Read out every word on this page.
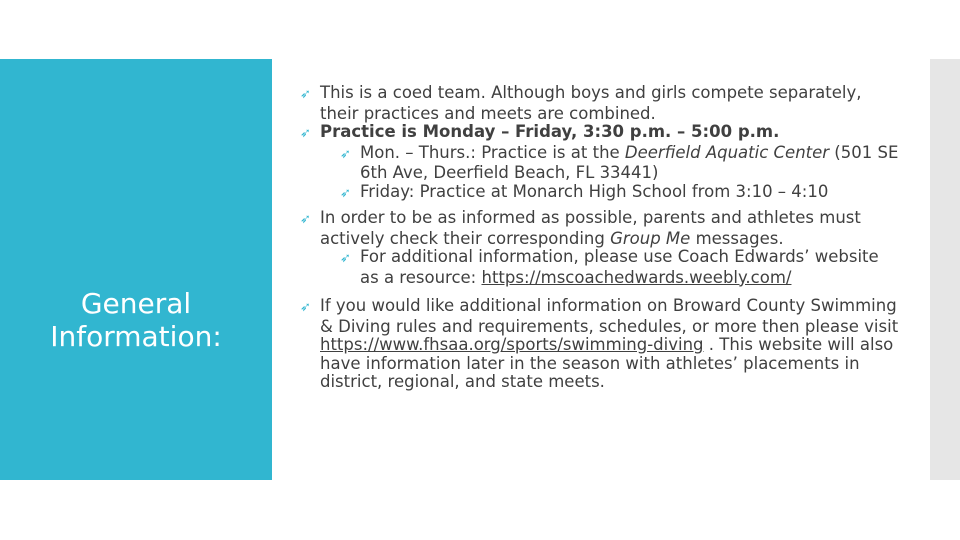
General Information:
➶ This is a coed team. Although boys and girls compete separately, their practices and meets are combined.
➶ Practice is Monday – Friday, 3:30 p.m. – 5:00 p.m.
➶ Mon. – Thurs.: Practice is at the Deerfield Aquatic Center (501 SE 6th Ave, Deerfield Beach, FL 33441)
➶ Friday: Practice at Monarch High School from 3:10 – 4:10
➶ In order to be as informed as possible, parents and athletes must actively check their corresponding Group Me messages.
➶ For additional information, please use Coach Edwards’ website as a resource: https://mscoachedwards.weebly.com/
➶ If you would like additional information on Broward County Swimming & Diving rules and requirements, schedules, or more then please visit https://www.fhsaa.org/sports/swimming-diving . This website will also have information later in the season with athletes’ placements in district, regional, and state meets.
